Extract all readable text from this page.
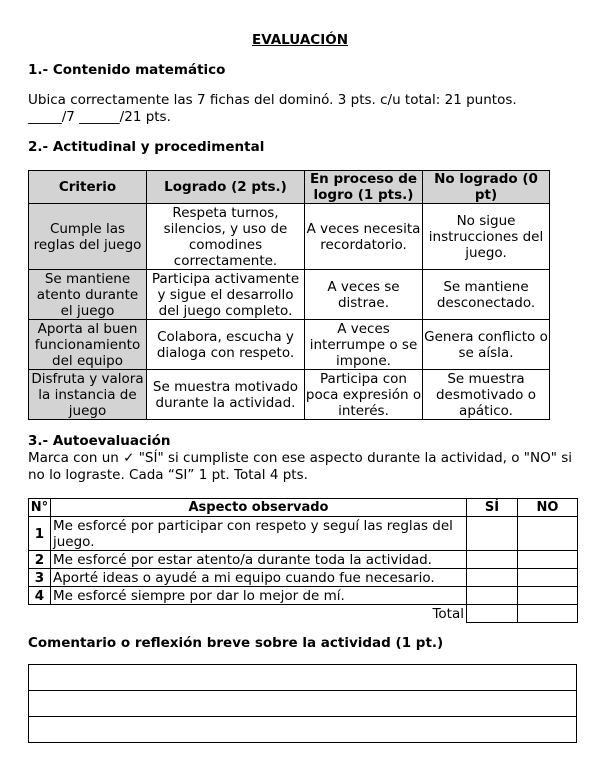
EVALUACIÓN
1.- Contenido matemático
Ubica correctamente las 7 fichas del dominó. 3 pts. c/u total: 21 puntos.
_____/7 ______/21 pts.
2.- Actitudinal y procedimental
Criterio	Logrado (2 pts.)	En proceso de logro (1 pts.)	No logrado (0 pt)
Cumple las reglas del juego	Respeta turnos, silencios, y uso de comodines correctamente.	A veces necesita recordatorio.	No sigue instrucciones del juego.
Se mantiene atento durante el juego	Participa activamente y sigue el desarrollo del juego completo.	A veces se distrae.	Se mantiene desconectado.
Aporta al buen funcionamiento del equipo	Colabora, escucha y dialoga con respeto.	A veces interrumpe o se impone.	Genera conflicto o se aísla.
Disfruta y valora la instancia de juego	Se muestra motivado durante la actividad.	Participa con poca expresión o interés.	Se muestra desmotivado o apático.
3.- Autoevaluación
Marca con un ✓ "SÍ" si cumpliste con ese aspecto durante la actividad, o "NO" si
no lo lograste. Cada “SI” 1 pt. Total 4 pts.
N°	Aspecto observado	SÍ	NO
1	Me esforcé por participar con respeto y seguí las reglas del juego.		
2	Me esforcé por estar atento/a durante toda la actividad.		
3	Aporté ideas o ayudé a mi equipo cuando fue necesario.		
4	Me esforcé siempre por dar lo mejor de mí.		
Total			
Comentario o reflexión breve sobre la actividad (1 pt.)
